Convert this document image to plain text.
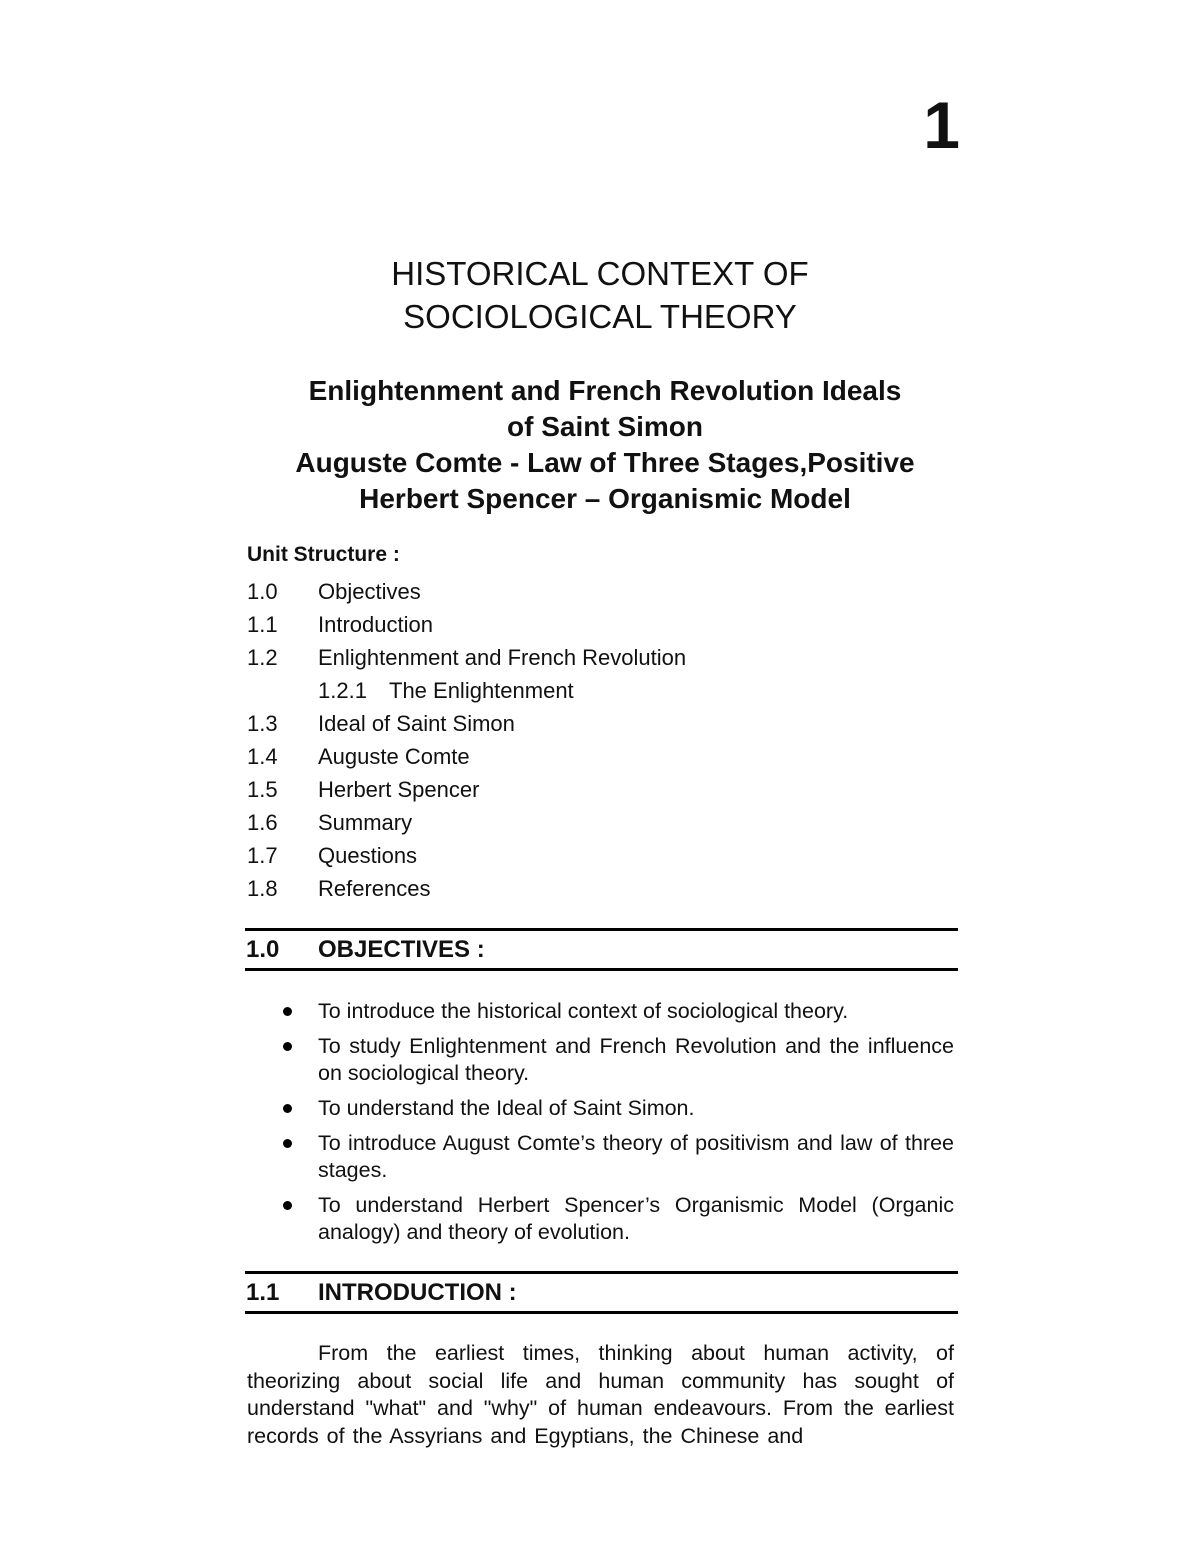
1
HISTORICAL CONTEXT OF
SOCIOLOGICAL THEORY
Enlightenment and French Revolution Ideals
of Saint Simon
Auguste Comte - Law of Three Stages,Positive
Herbert Spencer – Organismic Model
Unit Structure :
1.0 Objectives
1.1 Introduction
1.2 Enlightenment and French Revolution
1.2.1 The Enlightenment
1.3 Ideal of Saint Simon
1.4 Auguste Comte
1.5 Herbert Spencer
1.6 Summary
1.7 Questions
1.8 References
1.0 OBJECTIVES :
To introduce the historical context of sociological theory.
To study Enlightenment and French Revolution and the influence on sociological theory.
To understand the Ideal of Saint Simon.
To introduce August Comte’s theory of positivism and law of three stages.
To understand Herbert Spencer’s Organismic Model (Organic analogy) and theory of evolution.
1.1 INTRODUCTION :
From the earliest times, thinking about human activity, of theorizing about social life and human community has sought of understand "what" and "why" of human endeavours. From the earliest records of the Assyrians and Egyptians, the Chinese and
